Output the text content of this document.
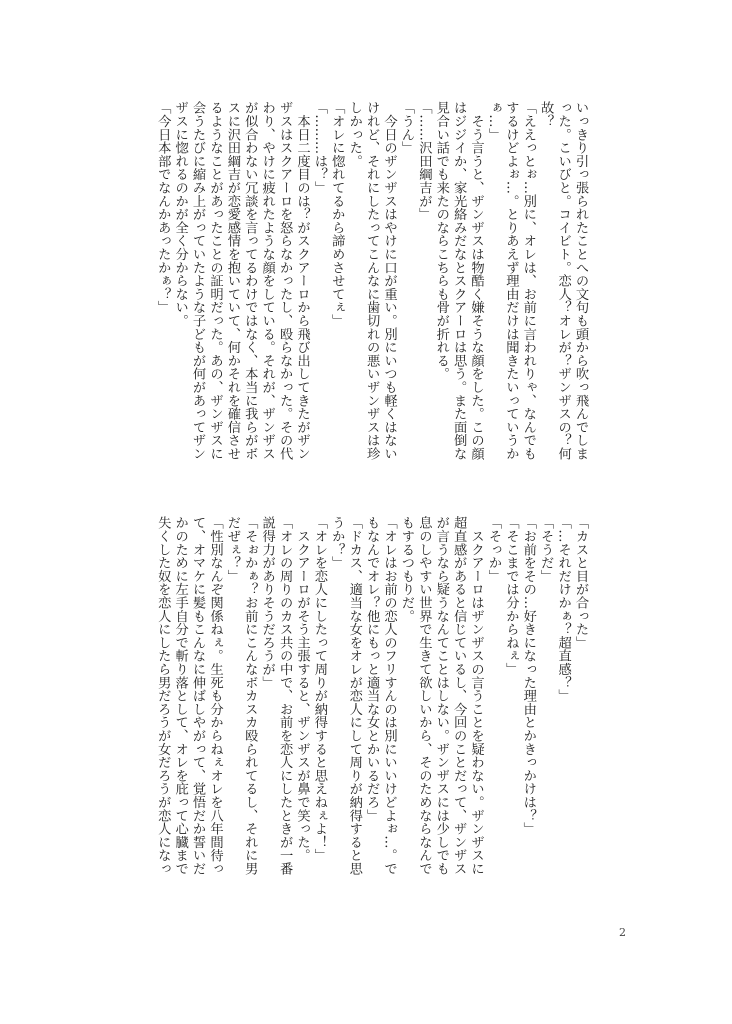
いっきり引っ張られたことへの文句も頭から吹っ飛んでしま
った。こいびと。コイビト。恋人？オレが？ザンザスの？何
故？
「ええっとぉ…別に、オレは、お前に言われりゃ、なんでも
するけどよぉ…。とりあえず理由だけは聞きたいっていうか
ぁ…」
　そう言うと、ザンザスは物酷く嫌そうな顔をした。この顔
はジジイか、家光絡みだなとスクアーロは思う。また面倒な
見合い話でも来たのならこちらも骨が折れる。
「……沢田綱吉が」
「うん」
　今日のザンザスはやけに口が重い。別にいつも軽くはない
けれど、それにしたってこんなに歯切れの悪いザンザスは珍
しかった。
「オレに惚れてるから諦めさせてぇ」
「………は？」
　本日二度目のは？がスクアーロから飛び出してきたがザン
ザスはスクアーロを怒らなかったし、殴らなかった。その代
わり、やけに疲れたような顔をしている。それが、ザンザス
が似合わない冗談を言ってるわけではなく、本当に我らがボ
スに沢田綱吉が恋愛感情を抱いていて、何かそれを確信させ
るようなことがあったことの証明だった。あの、ザンザスに
会うたびに縮み上がっていたような子どもが何があってザン
ザスに惚れるのかが全く分からない。
「今日本部でなんかあったかぁ？」
「カスと目が合った」
「…それだけかぁ？超直感？」
「そうだ」
「お前をその…好きになった理由とかきっかけは？」
「そこまでは分からねぇ」
「そっか」
　スクアーロはザンザスの言うことを疑わない。ザンザスに
超直感があると信じているし、今回のことだって、ザンザス
が言うなら疑うなんてことはしない。ザンザスには少しでも
息のしやすい世界で生きて欲しいから、そのためならなんで
もするつもりだ。
「オレはお前の恋人のフリすんのは別にいいけどよぉ…。で
もなんでオレ？他にもっと適当な女とかいるだろ」
「ドカス、適当な女をオレが恋人にして周りが納得すると思
うか？」
「オレを恋人にしたって周りが納得すると思えねぇよ！」
　スクアーロがそう主張すると、ザンザスが鼻で笑った。
「オレの周りのカス共の中で、お前を恋人にしたときが一番
説得力がありそうだろうが」
「そぉかぁ？お前にこんなボカスカ殴られてるし、それに男
だぜぇ？」
「性別なんぞ関係ねぇ。生死も分からねぇオレを八年間待っ
て、オマケに髪もこんなに伸ばしやがって、覚悟だか誓いだ
かのために左手自分で斬り落として、オレを庇って心臓まで
失くした奴を恋人にしたら男だろうが女だろうが恋人になっ
2
